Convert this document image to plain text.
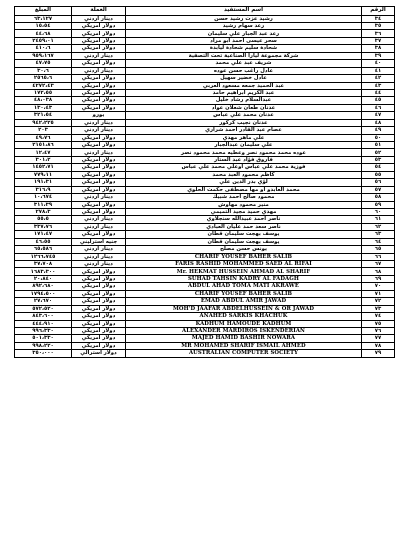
الرقم	اسم المستفيد	العملة	المبلغ
٣٤	رشيد عزت رشيد حسن	دينار اردني	٦٣،١٢٧
٣٥	رعد سهام رشيد	دولار امريكي	١٥،٥٤
٣٦	رعد عبد الجبار علي سليمان	دولار امريكي	٤٤،٦٨
٣٧	سحر عيسى احمد ابو مراد	دولار امريكي	٢٤٥٩،٠١
٣٨	شحادة سليم شحادة ليابدة	دولار امريكي	٤١٠،٦
٣٩	شركة مجموعة ليارا الصناعية تحت التصفية	دينار اردني	٩٥٩،١٦٧
٤٠	شريف عبد علي محمد	دولار امريكي	٤٧،٧٥
٤١	عادل راغب حسن عوده	دينار اردني	٣٠،٦
٤٢	عادل خضير سهيل	دولار امريكي	٢٥٦٥،٦
٤٣	عبد الحميد جمعه مسعود العربي	دولار امريكي	٤٢٧٢،٤٣
٤٤	عبد الكريم ابراهيم حامد	دولار امريكي	١٧٢،٥٥
٤٥	عبدالسلام رشاد خليل	دولار امريكي	٤٨،٠٣٨
٤٦	عدنان طعان شعلان عواد	دولار امريكي	١٣٠،٤٣
٤٧	عدنان محمد علي عباس	يورو	٣٢١،٥٤
٤٨	عدنان نجيب كركور	دينار اردني	٩٤٢،٢٢٥
٤٩	عصام عبد القادر احمد شراري	دينار اردني	٢٠٣
٥٠	علي ماهر مهدي	دولار امريكي	٤٩،٧٦
٥١	علي سليمان عبدالجبار	دولار امريكي	٢١٥١،٨٦
٥٢	عوده محمد محمود نصر وعطيه محمد محمود نصر	دينار اردني	١٢،٤٧
٥٣	فاروق فؤاد عبد الستار	دولار امريكي	٣٠١،٢
٥٤	فوزية محمد علي عباس اوعلي محمد علي عباس	دولار امريكي	١٤٥٢،٧١
٥٥	كاظم محمود العبد محمد	دولار امريكي	٧٧٩،١١
٥٦	لؤي بدر الدين علي	دولار امريكي	١٩١،٣١
٥٧	محمد العابدو او مها مصطفى حكمت الحلوي	دولار امريكي	٣١٦،٩
٥٨	محمود صالح احمد شبيك	دينار اردني	١٠،٦٧٤
٥٩	منير محمود مهاوش	دولار امريكي	٣١١،٣٩
٦٠	مهدي حميد مجيد التميمي	دولار امريكي	٢٧٨،٣
٦١	ناصر احمد عبيدالله سنجلاوي	دينار اردني	٥٥،٥
٦٢	ناصر سعد حمد عليان العبادي	دينار اردني	٣٣٧،٧٦
٦٣	يوسف بهجت سليمان قطان	دولار امريكي	١٧١،٤٧
٦٤	يوسف بهجت سليمان قطان	جنيه استرليني	٤٦،٥٥
٦٥	يونس حسن مصلح	دينار اردني	٦٥،٥٨٦
٦٦	CHARIF YOUSEF BAHER SALIB	دينار اردني	١٢٦٦،٧٤٥
٦٧	FARIS RASHID MOHAMMED SAED AL RIFAI	دينار اردني	٣٧،٧٠٨
٦٨	Mr. HEKMAT HUSSEIN AHMAD AL SHARIF	دولار امريكي	١٦٨٣،٣٠٠
٦٩	SUHAD TAHSIN KADRY AL FADAGH	دولار امريكي	٢٠،٨٤٠
٧٠	ABDUL AHAD TOMA MATI AKRAWE	دولار امريكي	٨٩٢،٦٨٠
٧١	CHARIF YOUSEF BAHER SALIB	دولار امريكي	١٧٩٤،٥٠٠
٧٢	EMAD ABDUL AMIR JAWAD	دولار امريكي	٢٧،٦٧٠
٧٣	MOH'D JAAFAR ABDELHUSSEIN & OR JAWAD	دولار امريكي	٥٧٢،٥٢٠
٧٤	ANAHED SARKIS KHACHUK	دولار امريكي	٨٤٣،٦٠٠
٧٥	KADHUM HAMOUDE KADHUM	دولار امريكي	٤٤٤،٩١٠
٧٦	ALEXANDER MARDIROS ISKENDERIAN	دولار امريكي	٩٩٦،٣٣٠
٧٧	MAJED HAMID BASHIR NOWARA	دولار امريكي	٥٠١،٣٣٠
٧٨	MR MOHAMED SHARIF ISMAIL AHMED	دولار امريكي	٩٩٨،٢٢٠
٧٩	AUSTRALIAN COMPUTER SOCIETY	دولار استرالي	٣٥٠،٠٠٠
